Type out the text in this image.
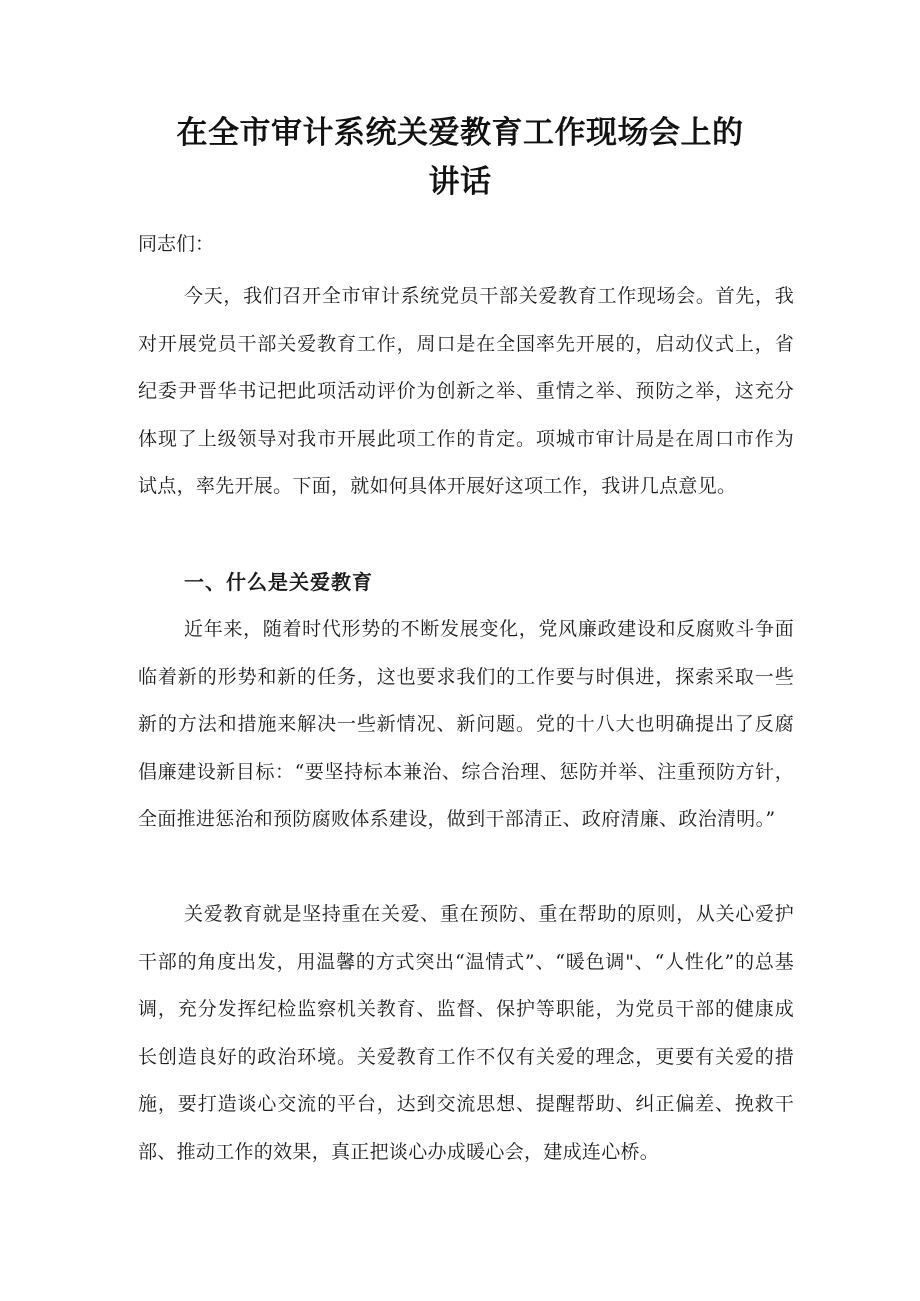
在全市审计系统关爱教育工作现场会上的
讲话

同志们：

今天，我们召开全市审计系统党员干部关爱教育工作现场会。首先，我对开展党员干部关爱教育工作，周口是在全国率先开展的，启动仪式上，省纪委尹晋华书记把此项活动评价为创新之举、重情之举、预防之举，这充分体现了上级领导对我市开展此项工作的肯定。项城市审计局是在周口市作为试点，率先开展。下面，就如何具体开展好这项工作，我讲几点意见。

一、什么是关爱教育

近年来，随着时代形势的不断发展变化，党风廉政建设和反腐败斗争面临着新的形势和新的任务，这也要求我们的工作要与时俱进，探索采取一些新的方法和措施来解决一些新情况、新问题。党的十八大也明确提出了反腐倡廉建设新目标：“要坚持标本兼治、综合治理、惩防并举、注重预防方针，全面推进惩治和预防腐败体系建设，做到干部清正、政府清廉、政治清明。”

关爱教育就是坚持重在关爱、重在预防、重在帮助的原则，从关心爱护干部的角度出发，用温馨的方式突出“温情式”、“暖色调"、“人性化”的总基调，充分发挥纪检监察机关教育、监督、保护等职能，为党员干部的健康成长创造良好的政治环境。关爱教育工作不仅有关爱的理念，更要有关爱的措施，要打造谈心交流的平台，达到交流思想、提醒帮助、纠正偏差、挽救干部、推动工作的效果，真正把谈心办成暖心会，建成连心桥。
